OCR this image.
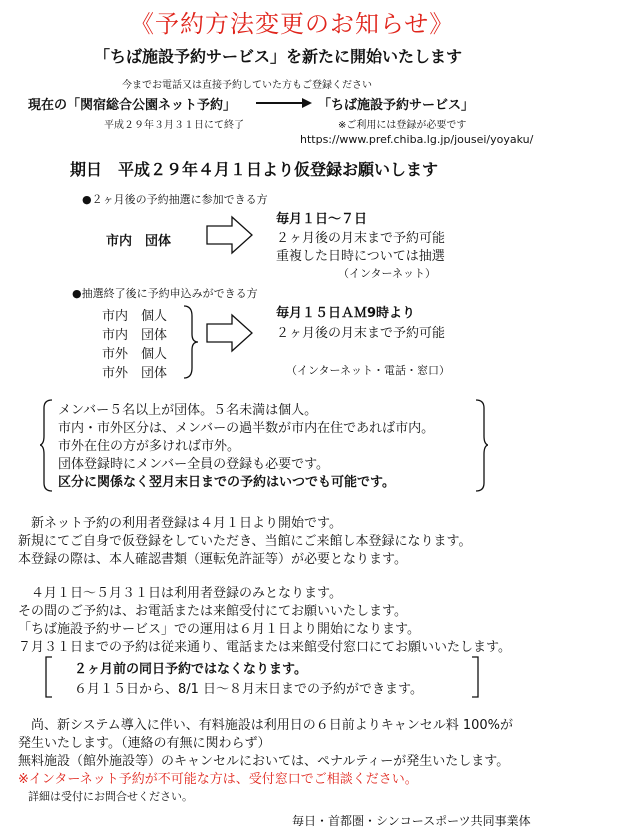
《予約方法変更のお知らせ》
「ちば施設予約サービス」を新たに開始いたします
今までお電話又は直接予約していた方もご登録ください
現在の「関宿総合公園ネット予約」	「ちば施設予約サービス」
平成２９年３月３１日にて終了	※ご利用には登録が必要です
https://www.pref.chiba.lg.jp/jousei/yoyaku/
期日　平成２９年４月１日より仮登録お願いします
●２ヶ月後の予約抽選に参加できる方
市内　団体
毎月１日～７日
２ヶ月後の月末まで予約可能
重複した日時については抽選
（インターネット）
●抽選終了後に予約申込みができる方
市内　個人
市内　団体
市外　個人
市外　団体
毎月１５日ＡＭ9時より
２ヶ月後の月末まで予約可能
（インターネット・電話・窓口）
メンバー５名以上が団体。５名未満は個人。
市内・市外区分は、メンバーの過半数が市内在住であれば市内。
市外在住の方が多ければ市外。
団体登録時にメンバー全員の登録も必要です。
区分に関係なく翌月末日までの予約はいつでも可能です。
　新ネット予約の利用者登録は４月１日より開始です。
新規にてご自身で仮登録をしていただき、当館にご来館し本登録になります。
本登録の際は、本人確認書類（運転免許証等）が必要となります。
　４月１日～５月３１日は利用者登録のみとなります。
その間のご予約は、お電話または来館受付にてお願いいたします。
「ちば施設予約サービス」での運用は６月１日より開始になります。
７月３１日までの予約は従来通り、電話または来館受付窓口にてお願いいたします。
２ヶ月前の同日予約ではなくなります。
６月１５日から、8/1 日～８月末日までの予約ができます。
　尚、新システム導入に伴い、有料施設は利用日の６日前よりキャンセル料 100%が
発生いたします。（連絡の有無に関わらず）
無料施設（館外施設等）のキャンセルにおいては、ペナルティーが発生いたします。
※インターネット予約が不可能な方は、受付窓口でご相談ください。
詳細は受付にお問合せください。
毎日・首都圏・シンコースポーツ共同事業体
